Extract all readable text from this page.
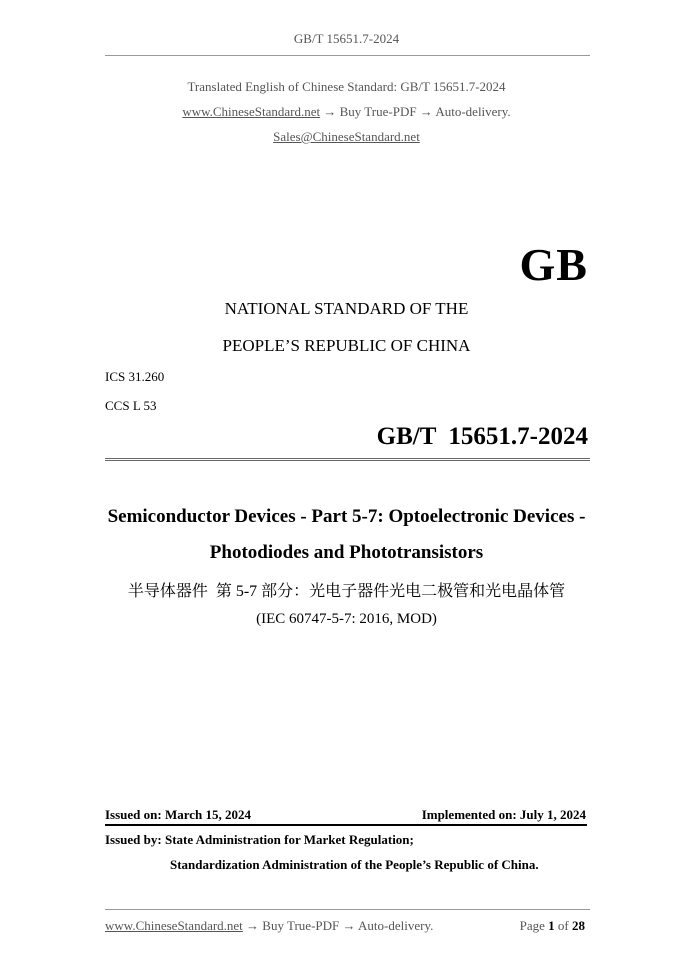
GB/T 15651.7-2024
Translated English of Chinese Standard: GB/T 15651.7-2024
www.ChineseStandard.net → Buy True-PDF → Auto-delivery.
Sales@ChineseStandard.net
GB
NATIONAL STANDARD OF THE
PEOPLE’S REPUBLIC OF CHINA
ICS 31.260
CCS L 53
GB/T  15651.7-2024
Semiconductor Devices - Part 5-7: Optoelectronic Devices -
Photodiodes and Phototransistors
半导体器件  第 5-7 部分：光电子器件光电二极管和光电晶体管
(IEC 60747-5-7: 2016, MOD)
Issued on: March 15, 2024	Implemented on: July 1, 2024
Issued by: State Administration for Market Regulation;
Standardization Administration of the People’s Republic of China.
www.ChineseStandard.net → Buy True-PDF → Auto-delivery.	Page 1 of 28
